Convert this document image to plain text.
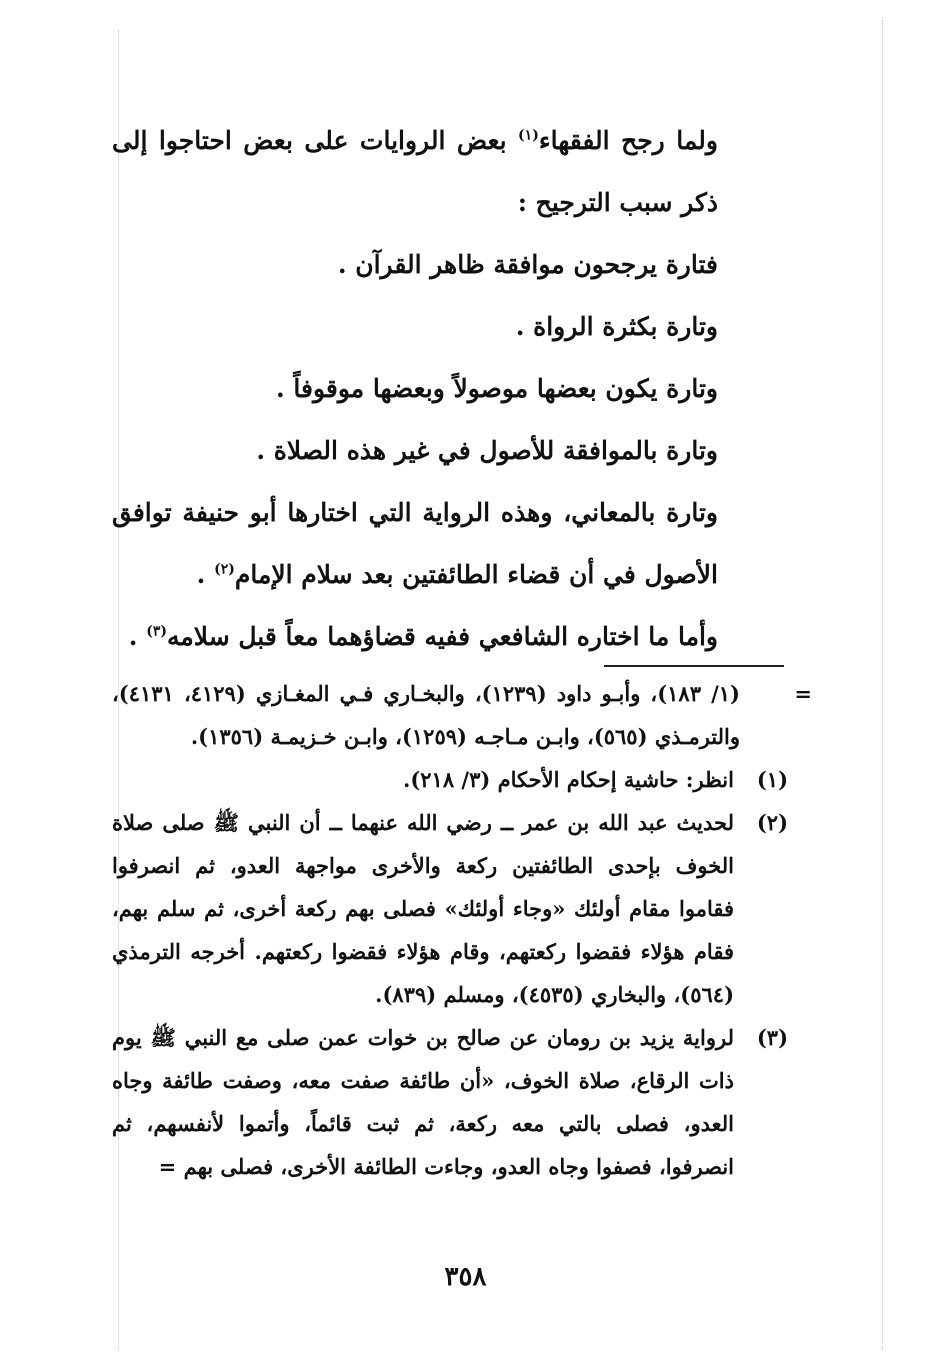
ولما رجح الفقهاء$^{(١)}$ بعض الروايات على بعض احتاجوا إلى ذكر سبب الترجيح :

فتارة يرجحون موافقة ظاهر القرآن .

وتارة بكثرة الرواة .

وتارة يكون بعضها موصولاً وبعضها موقوفاً .

وتارة بالموافقة للأصول في غير هذه الصلاة .

وتارة بالمعاني، وهذه الرواية التي اختارها أبو حنيفة توافق الأصول في أن قضاء الطائفتين بعد سلام الإمام$^{(٢)}$ .

وأما ما اختاره الشافعي ففيه قضاؤهما معاً قبل سلامه$^{(٣)}$ .

=
(١/ ١٨٣)، وأبـو داود (١٢٣٩)، والبخـاري فـي المغـازي (٤١٢٩، ٤١٣١)، والترمـذي (٥٦٥)، وابـن مـاجـه (١٢٥٩)، وابـن خـزيمـة (١٣٥٦).
(١)
انظر: حاشية إحكام الأحكام (٣/ ٢١٨).
(٢)
لحديث عبد الله بن عمر ــ رضي الله عنهما ــ أن النبي ﷺ صلى صلاة الخوف بإحدى الطائفتين ركعة والأخرى مواجهة العدو، ثم انصرفوا فقاموا مقام أولئك «وجاء أولئك» فصلى بهم ركعة أخرى، ثم سلم بهم، فقام هؤلاء فقضوا ركعتهم، وقام هؤلاء فقضوا ركعتهم. أخرجه الترمذي (٥٦٤)، والبخاري (٤٥٣٥)، ومسلم (٨٣٩).
(٣)
لرواية يزيد بن رومان عن صالح بن خوات عمن صلى مع النبي ﷺ يوم ذات الرقاع، صلاة الخوف، «أن طائفة صفت معه، وصفت طائفة وجاه العدو، فصلى بالتي معه ركعة، ثم ثبت قائماً، وأتموا لأنفسهم، ثم انصرفوا، فصفوا وجاه العدو، وجاءت الطائفة الأخرى، فصلى بهم =
٣٥٨
